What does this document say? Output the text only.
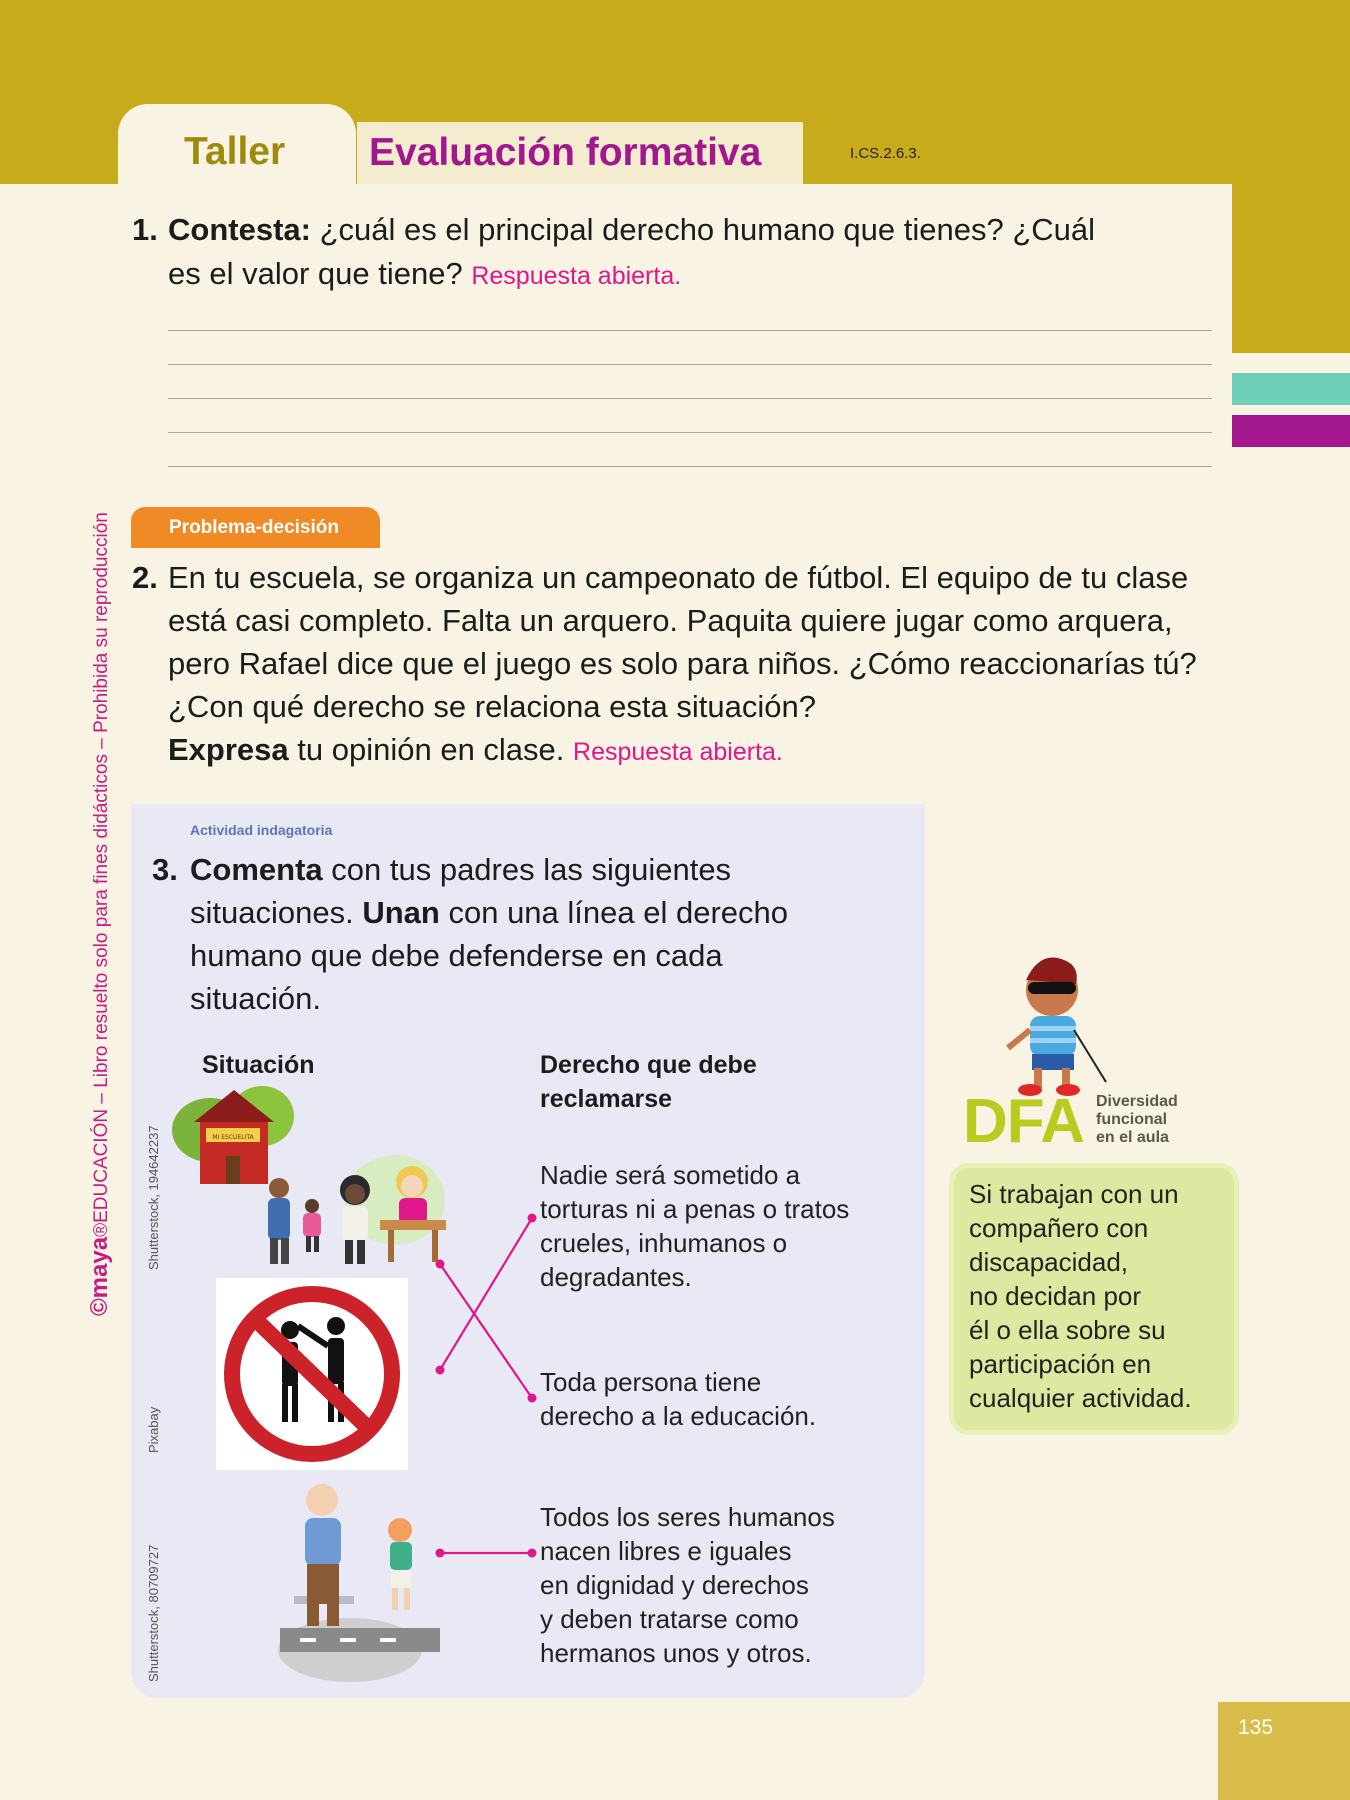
Taller Evaluación formativa	I.CS.2.6.3.
1. Contesta: ¿cuál es el principal derecho humano que tienes? ¿Cuál
es el valor que tiene? Respuesta abierta.
©maya®EDUCACIÓN – Libro resuelto solo para fines didácticos – Prohibida su reproducción	Problema-decisión
2. En tu escuela, se organiza un campeonato de fútbol. El equipo de tu clase
está casi completo. Falta un arquero. Paquita quiere jugar como arquera,
pero Rafael dice que el juego es solo para niños. ¿Cómo reaccionarías tú?
¿Con qué derecho se relaciona esta situación?
Expresa tu opinión en clase. Respuesta abierta.
Actividad indagatoria
3. Comenta con tus padres las siguientes
situaciones. Unan con una línea el derecho
humano que debe defenderse en cada
situación.
Situación	Derecho que debe
reclamarse
MI ESCUELITA
Nadie será sometido a
torturas ni a penas o tratos
crueles, inhumanos o
degradantes.
Toda persona tiene
derecho a la educación.
Todos los seres humanos
nacen libres e iguales
en dignidad y derechos
y deben tratarse como
hermanos unos y otros.
DFA Diversidad
funcional
en el aula

Si trabajan con un
compañero con
discapacidad,
no decidan por
él o ella sobre su
participación en
cualquier actividad.

135
